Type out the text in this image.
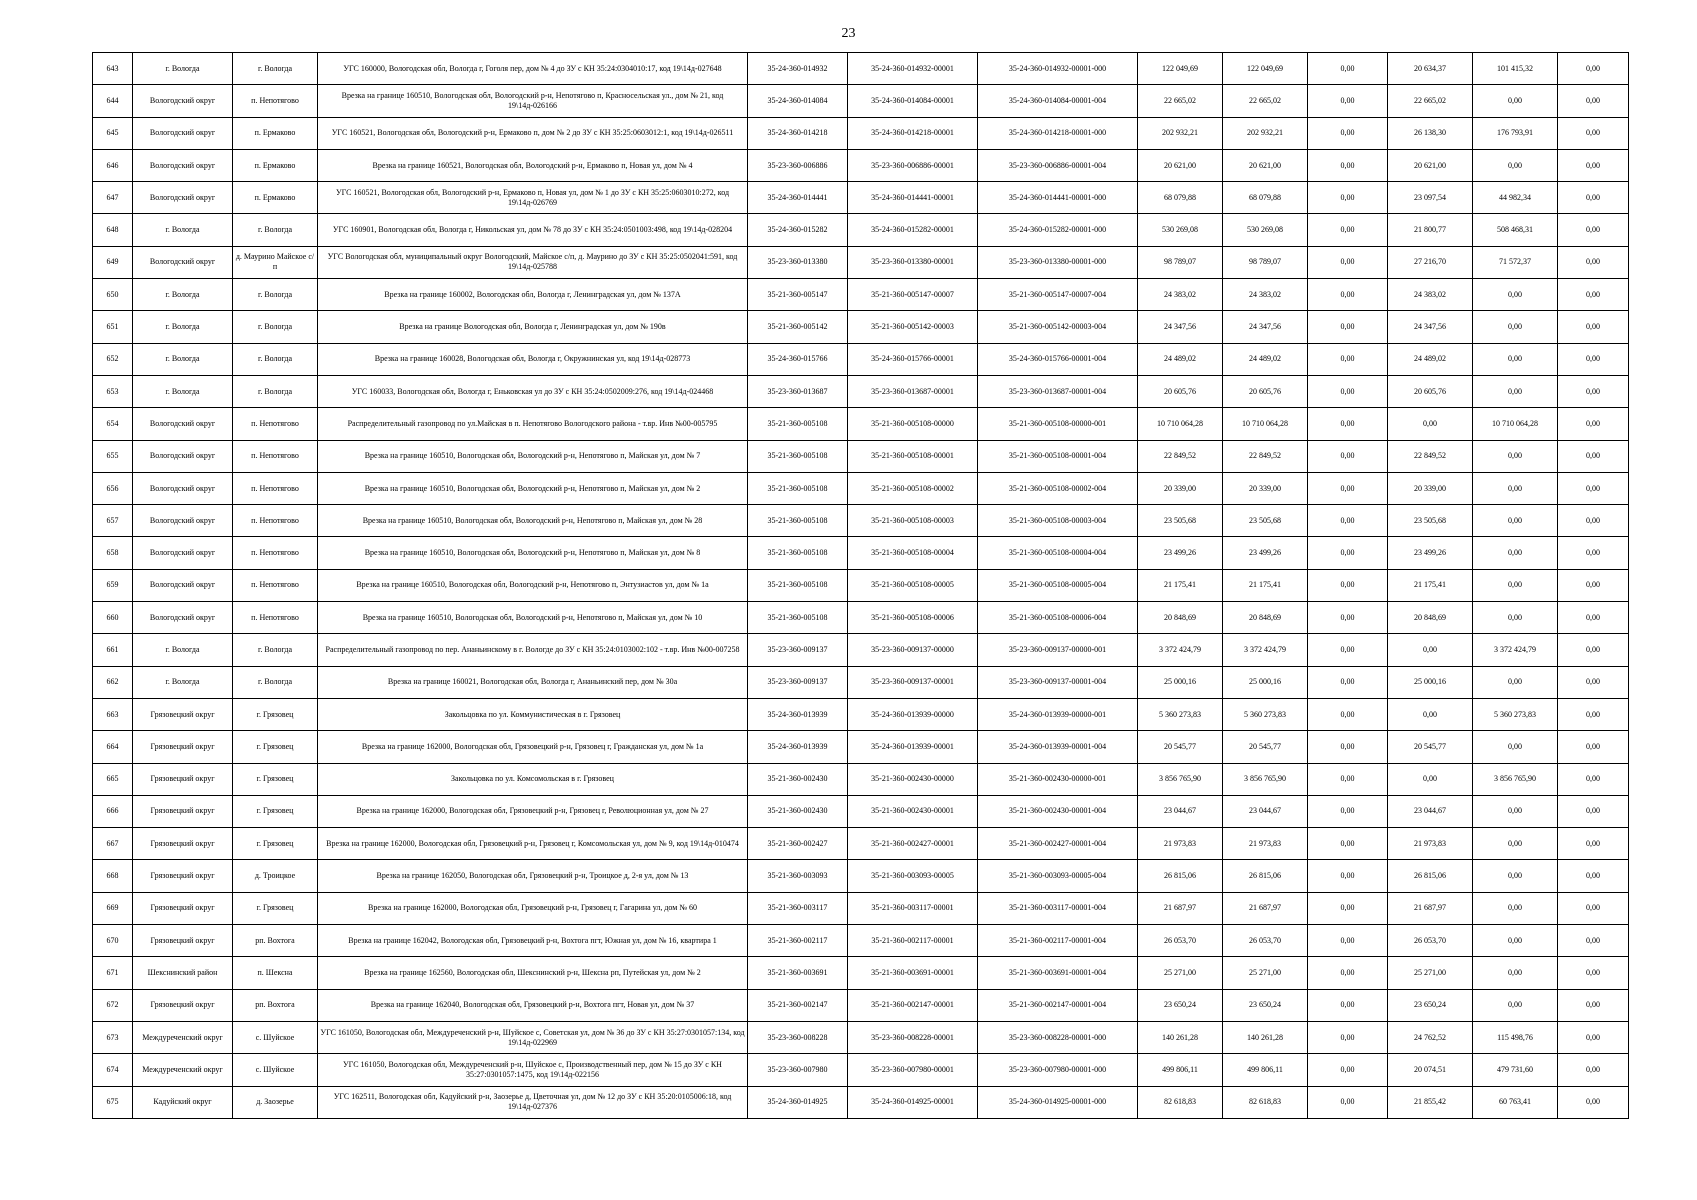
23
643	г. Вологда	г. Вологда	УГС 160000, Вологодская обл, Вологда г, Гоголя пер, дом № 4 до ЗУ с КН 35:24:0304010:17, код 19\14д-027648	35-24-360-014932	35-24-360-014932-00001	35-24-360-014932-00001-000	122 049,69	122 049,69	0,00	20 634,37	101 415,32	0,00
644	Вологодский округ	п. Непотягово	Врезка на границе 160510, Вологодская обл, Вологодский р-н, Непотягово п, Красносельская ул., дом № 21, код 19\14д-026166	35-24-360-014084	35-24-360-014084-00001	35-24-360-014084-00001-004	22 665,02	22 665,02	0,00	22 665,02	0,00	0,00
645	Вологодский округ	п. Ермаково	УГС 160521, Вологодская обл, Вологодский р-н, Ермаково п, дом № 2 до ЗУ с КН 35:25:0603012:1, код 19\14д-026511	35-24-360-014218	35-24-360-014218-00001	35-24-360-014218-00001-000	202 932,21	202 932,21	0,00	26 138,30	176 793,91	0,00
646	Вологодский округ	п. Ермаково	Врезка на границе 160521, Вологодская обл, Вологодский р-н, Ермаково п, Новая ул, дом № 4	35-23-360-006886	35-23-360-006886-00001	35-23-360-006886-00001-004	20 621,00	20 621,00	0,00	20 621,00	0,00	0,00
647	Вологодский округ	п. Ермаково	УГС 160521, Вологодская обл, Вологодский р-н, Ермаково п, Новая ул, дом № 1 до ЗУ с КН 35:25:0603010:272, код 19\14д-026769	35-24-360-014441	35-24-360-014441-00001	35-24-360-014441-00001-000	68 079,88	68 079,88	0,00	23 097,54	44 982,34	0,00
648	г. Вологда	г. Вологда	УГС 160901, Вологодская обл, Вологда г, Никольская ул, дом № 78 до ЗУ с КН 35:24:0501003:498, код 19\14д-028204	35-24-360-015282	35-24-360-015282-00001	35-24-360-015282-00001-000	530 269,08	530 269,08	0,00	21 800,77	508 468,31	0,00
649	Вологодский округ	д. Маурино Майское с/п	УГС Вологодская обл, муниципальный округ Вологодский, Майское с/п, д. Маурино до ЗУ с КН 35:25:0502041:591, код 19\14д-025788	35-23-360-013380	35-23-360-013380-00001	35-23-360-013380-00001-000	98 789,07	98 789,07	0,00	27 216,70	71 572,37	0,00
650	г. Вологда	г. Вологда	Врезка на границе 160002, Вологодская обл, Вологда г, Ленинградская ул, дом № 137А	35-21-360-005147	35-21-360-005147-00007	35-21-360-005147-00007-004	24 383,02	24 383,02	0,00	24 383,02	0,00	0,00
651	г. Вологда	г. Вологда	Врезка на границе Вологодская обл, Вологда г, Ленинградская ул, дом № 190в	35-21-360-005142	35-21-360-005142-00003	35-21-360-005142-00003-004	24 347,56	24 347,56	0,00	24 347,56	0,00	0,00
652	г. Вологда	г. Вологда	Врезка на границе 160028, Вологодская обл, Вологда г, Окружнинская ул, код 19\14д-028773	35-24-360-015766	35-24-360-015766-00001	35-24-360-015766-00001-004	24 489,02	24 489,02	0,00	24 489,02	0,00	0,00
653	г. Вологда	г. Вологда	УГС 160033, Вологодская обл, Вологда г, Еньковская ул до ЗУ с КН 35:24:0502009:276, код 19\14д-024468	35-23-360-013687	35-23-360-013687-00001	35-23-360-013687-00001-004	20 605,76	20 605,76	0,00	20 605,76	0,00	0,00
654	Вологодский округ	п. Непотягово	Распределительный газопровод по ул.Майская в п. Непотягово Вологодского района - т.вр. Инв №00-005795	35-21-360-005108	35-21-360-005108-00000	35-21-360-005108-00000-001	10 710 064,28	10 710 064,28	0,00	0,00	10 710 064,28	0,00
655	Вологодский округ	п. Непотягово	Врезка на границе 160510, Вологодская обл, Вологодский р-н, Непотягово п, Майская ул, дом № 7	35-21-360-005108	35-21-360-005108-00001	35-21-360-005108-00001-004	22 849,52	22 849,52	0,00	22 849,52	0,00	0,00
656	Вологодский округ	п. Непотягово	Врезка на границе 160510, Вологодская обл, Вологодский р-н, Непотягово п, Майская ул, дом № 2	35-21-360-005108	35-21-360-005108-00002	35-21-360-005108-00002-004	20 339,00	20 339,00	0,00	20 339,00	0,00	0,00
657	Вологодский округ	п. Непотягово	Врезка на границе 160510, Вологодская обл, Вологодский р-н, Непотягово п, Майская ул, дом № 28	35-21-360-005108	35-21-360-005108-00003	35-21-360-005108-00003-004	23 505,68	23 505,68	0,00	23 505,68	0,00	0,00
658	Вологодский округ	п. Непотягово	Врезка на границе 160510, Вологодская обл, Вологодский р-н, Непотягово п, Майская ул, дом № 8	35-21-360-005108	35-21-360-005108-00004	35-21-360-005108-00004-004	23 499,26	23 499,26	0,00	23 499,26	0,00	0,00
659	Вологодский округ	п. Непотягово	Врезка на границе 160510, Вологодская обл, Вологодский р-н, Непотягово п, Энтузиастов ул, дом № 1а	35-21-360-005108	35-21-360-005108-00005	35-21-360-005108-00005-004	21 175,41	21 175,41	0,00	21 175,41	0,00	0,00
660	Вологодский округ	п. Непотягово	Врезка на границе 160510, Вологодская обл, Вологодский р-н, Непотягово п, Майская ул, дом № 10	35-21-360-005108	35-21-360-005108-00006	35-21-360-005108-00006-004	20 848,69	20 848,69	0,00	20 848,69	0,00	0,00
661	г. Вологда	г. Вологда	Распределительный газопровод по пер. Ананьинскому в г. Вологде до ЗУ с КН 35:24:0103002:102 - т.вр. Инв №00-007258	35-23-360-009137	35-23-360-009137-00000	35-23-360-009137-00000-001	3 372 424,79	3 372 424,79	0,00	0,00	3 372 424,79	0,00
662	г. Вологда	г. Вологда	Врезка на границе 160021, Вологодская обл, Вологда г, Ананьинский пер, дом № 30а	35-23-360-009137	35-23-360-009137-00001	35-23-360-009137-00001-004	25 000,16	25 000,16	0,00	25 000,16	0,00	0,00
663	Грязовецкий округ	г. Грязовец	Закольцовка по ул. Коммунистическая в г. Грязовец	35-24-360-013939	35-24-360-013939-00000	35-24-360-013939-00000-001	5 360 273,83	5 360 273,83	0,00	0,00	5 360 273,83	0,00
664	Грязовецкий округ	г. Грязовец	Врезка на границе 162000, Вологодская обл, Грязовецкий р-н, Грязовец г, Гражданская ул, дом № 1а	35-24-360-013939	35-24-360-013939-00001	35-24-360-013939-00001-004	20 545,77	20 545,77	0,00	20 545,77	0,00	0,00
665	Грязовецкий округ	г. Грязовец	Закольцовка по ул. Комсомольская в г. Грязовец	35-21-360-002430	35-21-360-002430-00000	35-21-360-002430-00000-001	3 856 765,90	3 856 765,90	0,00	0,00	3 856 765,90	0,00
666	Грязовецкий округ	г. Грязовец	Врезка на границе 162000, Вологодская обл, Грязовецкий р-н, Грязовец г, Революционная ул, дом № 27	35-21-360-002430	35-21-360-002430-00001	35-21-360-002430-00001-004	23 044,67	23 044,67	0,00	23 044,67	0,00	0,00
667	Грязовецкий округ	г. Грязовец	Врезка на границе 162000, Вологодская обл, Грязовецкий р-н, Грязовец г, Комсомольская ул, дом № 9, код 19\14д-010474	35-21-360-002427	35-21-360-002427-00001	35-21-360-002427-00001-004	21 973,83	21 973,83	0,00	21 973,83	0,00	0,00
668	Грязовецкий округ	д. Троицкое	Врезка на границе 162050, Вологодская обл, Грязовецкий р-н, Троицкое д, 2-я ул, дом № 13	35-21-360-003093	35-21-360-003093-00005	35-21-360-003093-00005-004	26 815,06	26 815,06	0,00	26 815,06	0,00	0,00
669	Грязовецкий округ	г. Грязовец	Врезка на границе 162000, Вологодская обл, Грязовецкий р-н, Грязовец г, Гагарина ул, дом № 60	35-21-360-003117	35-21-360-003117-00001	35-21-360-003117-00001-004	21 687,97	21 687,97	0,00	21 687,97	0,00	0,00
670	Грязовецкий округ	рп. Вохтога	Врезка на границе 162042, Вологодская обл, Грязовецкий р-н, Вохтога пгт, Южная ул, дом № 16, квартира 1	35-21-360-002117	35-21-360-002117-00001	35-21-360-002117-00001-004	26 053,70	26 053,70	0,00	26 053,70	0,00	0,00
671	Шекснинский район	п. Шексна	Врезка на границе 162560, Вологодская обл, Шекснинский р-н, Шексна рп, Путейская ул, дом № 2	35-21-360-003691	35-21-360-003691-00001	35-21-360-003691-00001-004	25 271,00	25 271,00	0,00	25 271,00	0,00	0,00
672	Грязовецкий округ	рп. Вохтога	Врезка на границе 162040, Вологодская обл, Грязовецкий р-н, Вохтога пгт, Новая ул, дом № 37	35-21-360-002147	35-21-360-002147-00001	35-21-360-002147-00001-004	23 650,24	23 650,24	0,00	23 650,24	0,00	0,00
673	Междуреченский округ	с. Шуйское	УГС 161050, Вологодская обл, Междуреченский р-н, Шуйское с, Советская ул, дом № 36 до ЗУ с КН 35:27:0301057:134, код 19\14д-022969	35-23-360-008228	35-23-360-008228-00001	35-23-360-008228-00001-000	140 261,28	140 261,28	0,00	24 762,52	115 498,76	0,00
674	Междуреченский округ	с. Шуйское	УГС 161050, Вологодская обл, Междуреченский р-н, Шуйское с, Производственный пер, дом № 15 до ЗУ с КН 35:27:0301057:1475, код 19\14д-022156	35-23-360-007980	35-23-360-007980-00001	35-23-360-007980-00001-000	499 806,11	499 806,11	0,00	20 074,51	479 731,60	0,00
675	Кадуйский округ	д. Заозерье	УГС 162511, Вологодская обл, Кадуйский р-н, Заозерье д, Цветочная ул, дом № 12 до ЗУ с КН 35:20:0105006:18, код 19\14д-027376	35-24-360-014925	35-24-360-014925-00001	35-24-360-014925-00001-000	82 618,83	82 618,83	0,00	21 855,42	60 763,41	0,00
